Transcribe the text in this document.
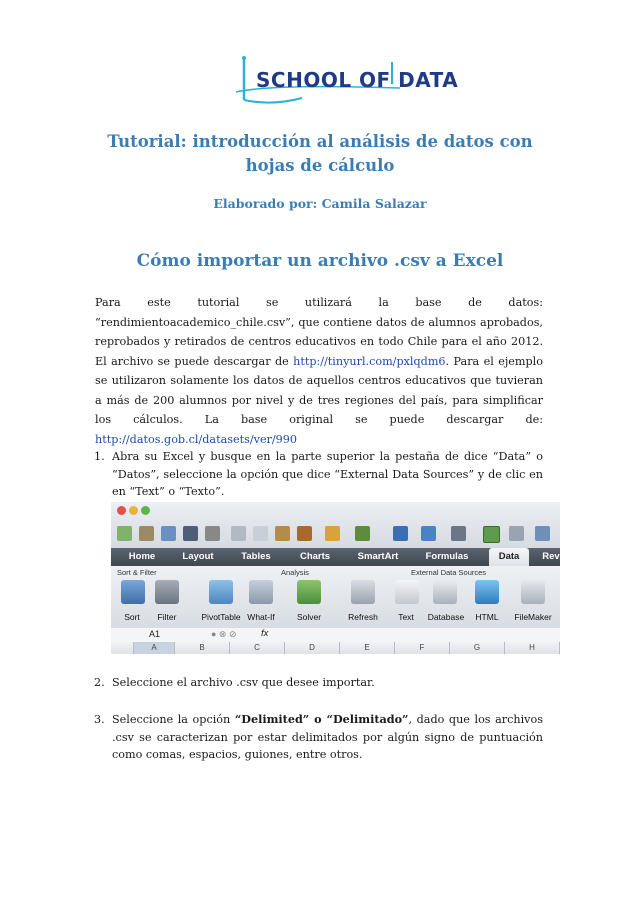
SCHOOL OF DATA
Tutorial: introducción al análisis de datos con
hojas de cálculo
Elaborado por: Camila Salazar
Cómo importar un archivo .csv a Excel
Para este tutorial se utilizará la base de datos: “rendimientoacademico_chile.csv”, que contiene datos de alumnos aprobados, reprobados y retirados de centros educativos en todo Chile para el año 2012. El archivo se puede descargar de http://tinyurl.com/pxlqdm6. Para el ejemplo se utilizaron solamente los datos de aquellos centros educativos que tuvieran a más de 200 alumnos por nivel y de tres regiones del país, para simplificar los cálculos. La base original se puede descargar de: http://datos.gob.cl/datasets/ver/990
1. Abra su Excel y busque en la parte superior la pestaña de dice “Data” o “Datos”, seleccione la opción que dice “External Data Sources” y de clic en en “Text” o “Texto”.
Home	Layout	Tables	Charts	SmartArt	Formulas	Data	Rev
Sort & Filter	Analysis	External Data Sources
Sort	Filter	PivotTable What-If	Solver	Refresh	Text	Database	HTML	FileMaker
A1	● ⊗ ⊘	fx
A	B	C	D	E	F	G	H
2. Seleccione el archivo .csv que desee importar.
3. Seleccione la opción “Delimited” o “Delimitado”, dado que los archivos .csv se caracterizan por estar delimitados por algún signo de puntuación como comas, espacios, guiones, entre otros.
